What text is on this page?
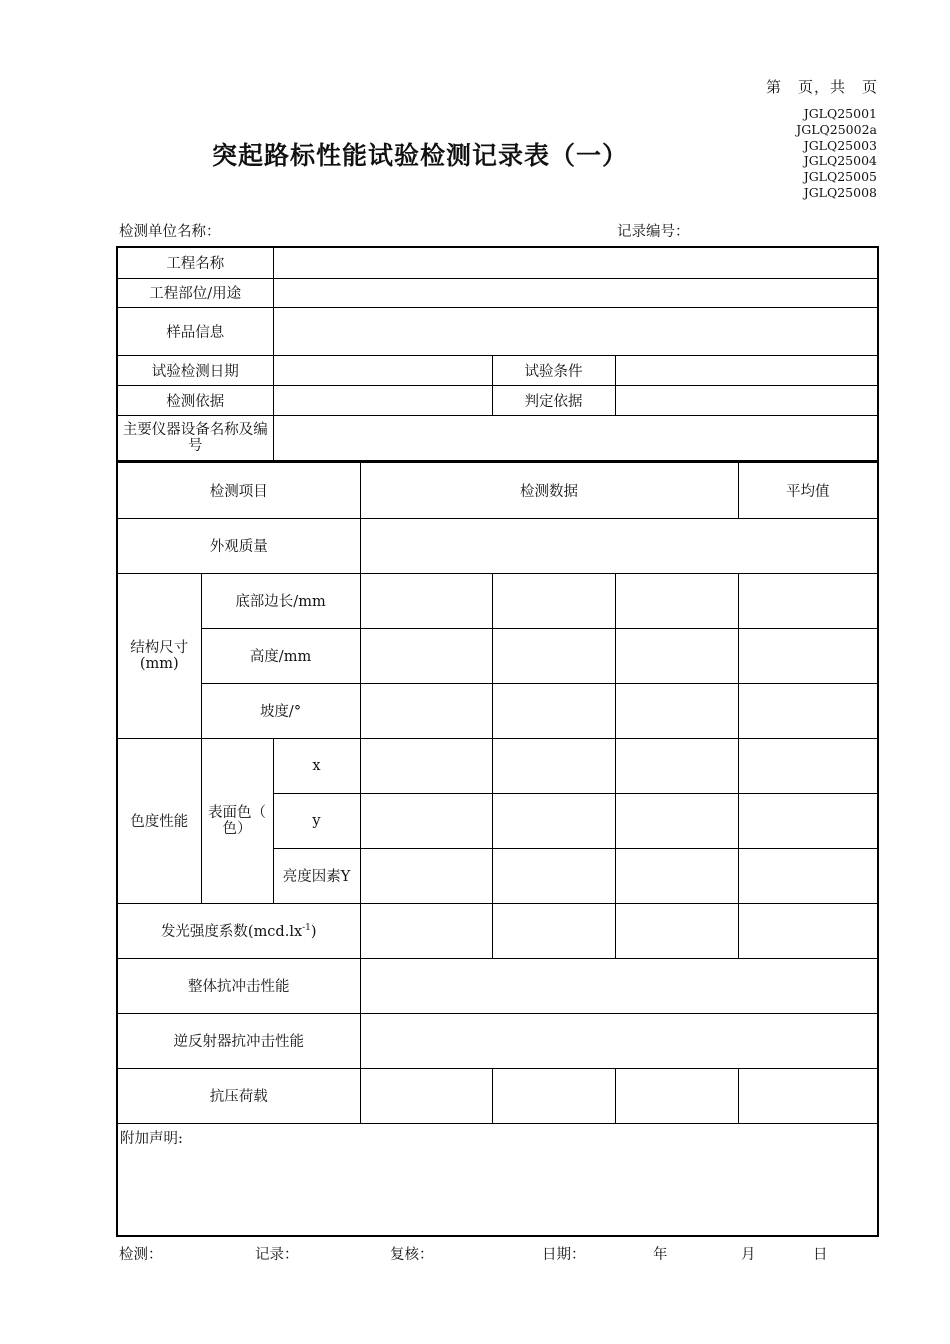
第　页，共　页
JGLQ25001
JGLQ25002a
JGLQ25003
JGLQ25004
JGLQ25005
JGLQ25008
突起路标性能试验检测记录表（一）
检测单位名称：	记录编号：
工程名称			
工程部位/用途			
样品信息			
试验检测日期		试验条件	
检测依据		判定依据	
主要仪器设备名称及编号			
检测项目			检测数据			平均值
外观质量						
结构尺寸(mm)	底部边长/mm					
	高度/mm					
	坡度/°					
色度性能	表面色（　色）	x				
		y				
		亮度因素Y				
发光强度系数$(mcd.lx^{-1})$						
整体抗冲击性能						
逆反射器抗冲击性能						
抗压荷载						
附加声明:						
检测：	记录：	复核：	日期：	年	月	日
